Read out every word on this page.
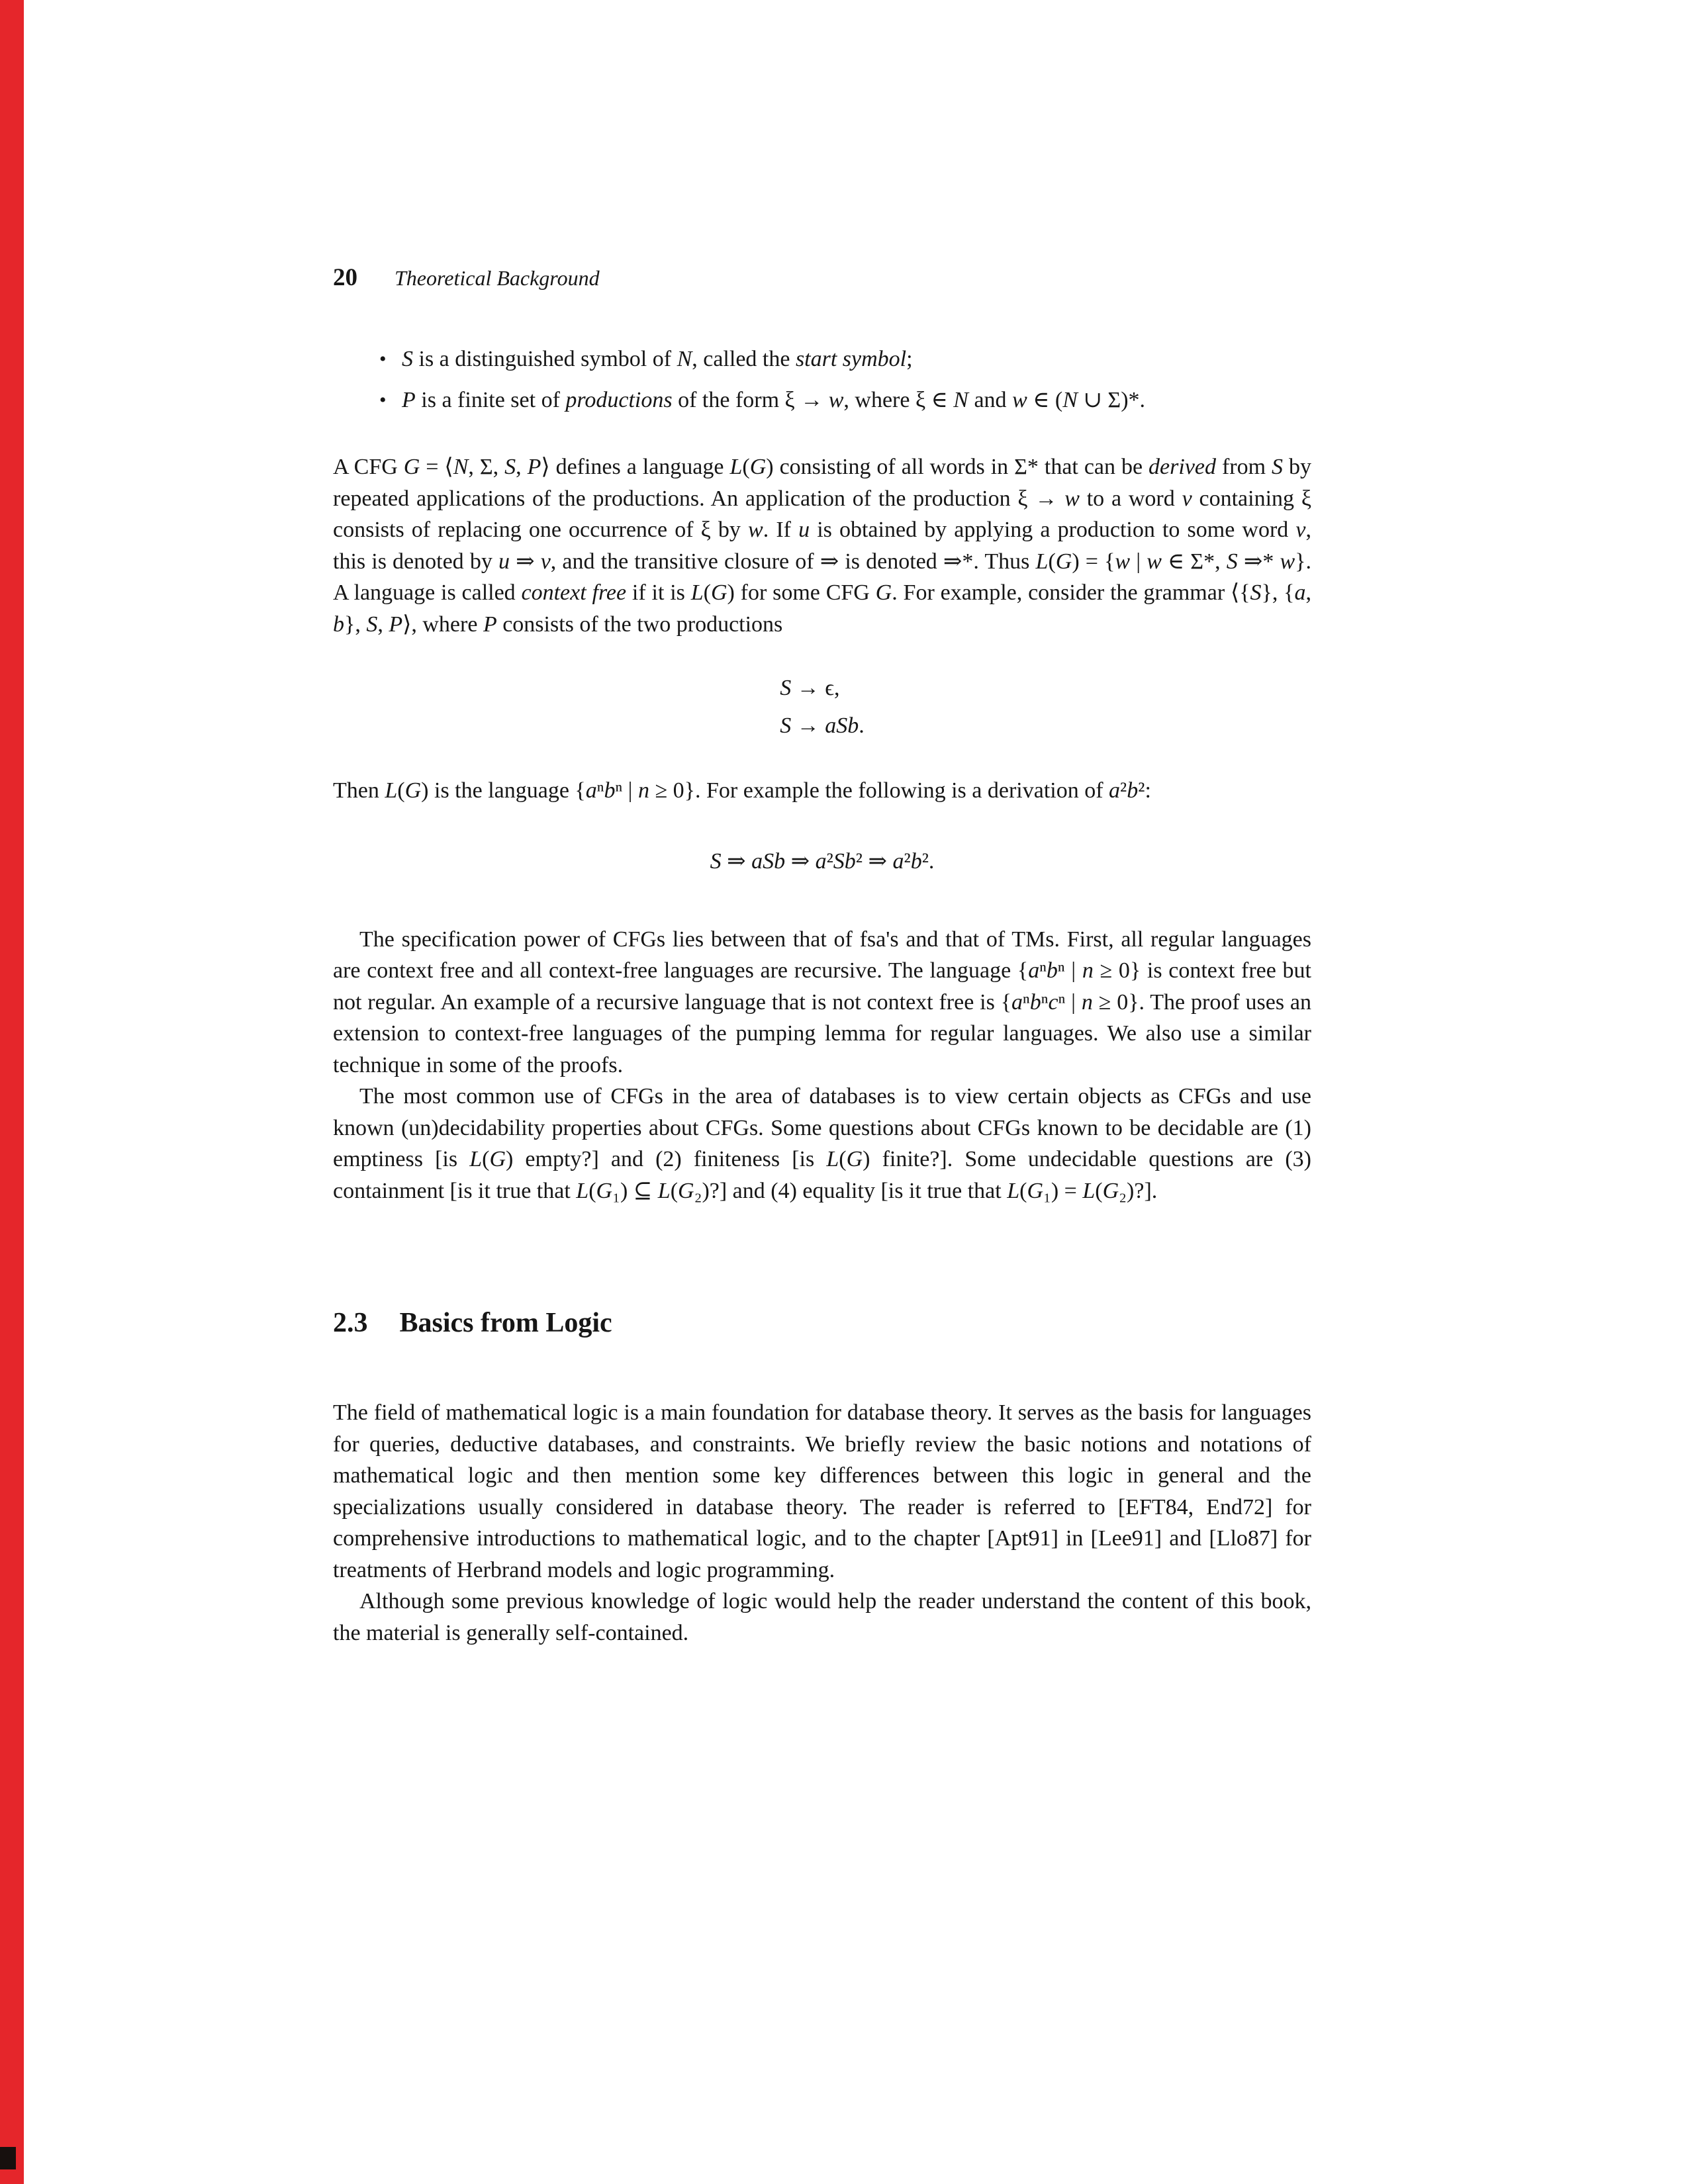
20 Theoretical Background
• S is a distinguished symbol of N, called the start symbol;
• P is a finite set of productions of the form ξ → w, where ξ ∈ N and w ∈ (N ∪ Σ)*.

A CFG G = ⟨N, Σ, S, P⟩ defines a language L(G) consisting of all words in Σ* that can be derived from S by repeated applications of the productions. An application of the production ξ → w to a word v containing ξ consists of replacing one occurrence of ξ by w. If u is obtained by applying a production to some word v, this is denoted by u ⇒ v, and the transitive closure of ⇒ is denoted ⇒*. Thus L(G) = {w | w ∈ Σ*, S ⇒* w}. A language is called context free if it is L(G) for some CFG G. For example, consider the grammar ⟨{S}, {a, b}, S, P⟩, where P consists of the two productions

S → ϵ,
S → aSb.

Then L(G) is the language {aⁿbⁿ | n ≥ 0}. For example the following is a derivation of a²b²:

S ⇒ aSb ⇒ a²Sb² ⇒ a²b².

The specification power of CFGs lies between that of fsa's and that of TMs. First, all regular languages are context free and all context-free languages are recursive. The language {aⁿbⁿ | n ≥ 0} is context free but not regular. An example of a recursive language that is not context free is {aⁿbⁿcⁿ | n ≥ 0}. The proof uses an extension to context-free languages of the pumping lemma for regular languages. We also use a similar technique in some of the proofs.

The most common use of CFGs in the area of databases is to view certain objects as CFGs and use known (un)decidability properties about CFGs. Some questions about CFGs known to be decidable are (1) emptiness [is L(G) empty?] and (2) finiteness [is L(G) finite?]. Some undecidable questions are (3) containment [is it true that L(G₁) ⊆ L(G₂)?] and (4) equality [is it true that L(G₁) = L(G₂)?].

2.3 Basics from Logic

The field of mathematical logic is a main foundation for database theory. It serves as the basis for languages for queries, deductive databases, and constraints. We briefly review the basic notions and notations of mathematical logic and then mention some key differences between this logic in general and the specializations usually considered in database theory. The reader is referred to [EFT84, End72] for comprehensive introductions to mathematical logic, and to the chapter [Apt91] in [Lee91] and [Llo87] for treatments of Herbrand models and logic programming.

Although some previous knowledge of logic would help the reader understand the content of this book, the material is generally self-contained.
